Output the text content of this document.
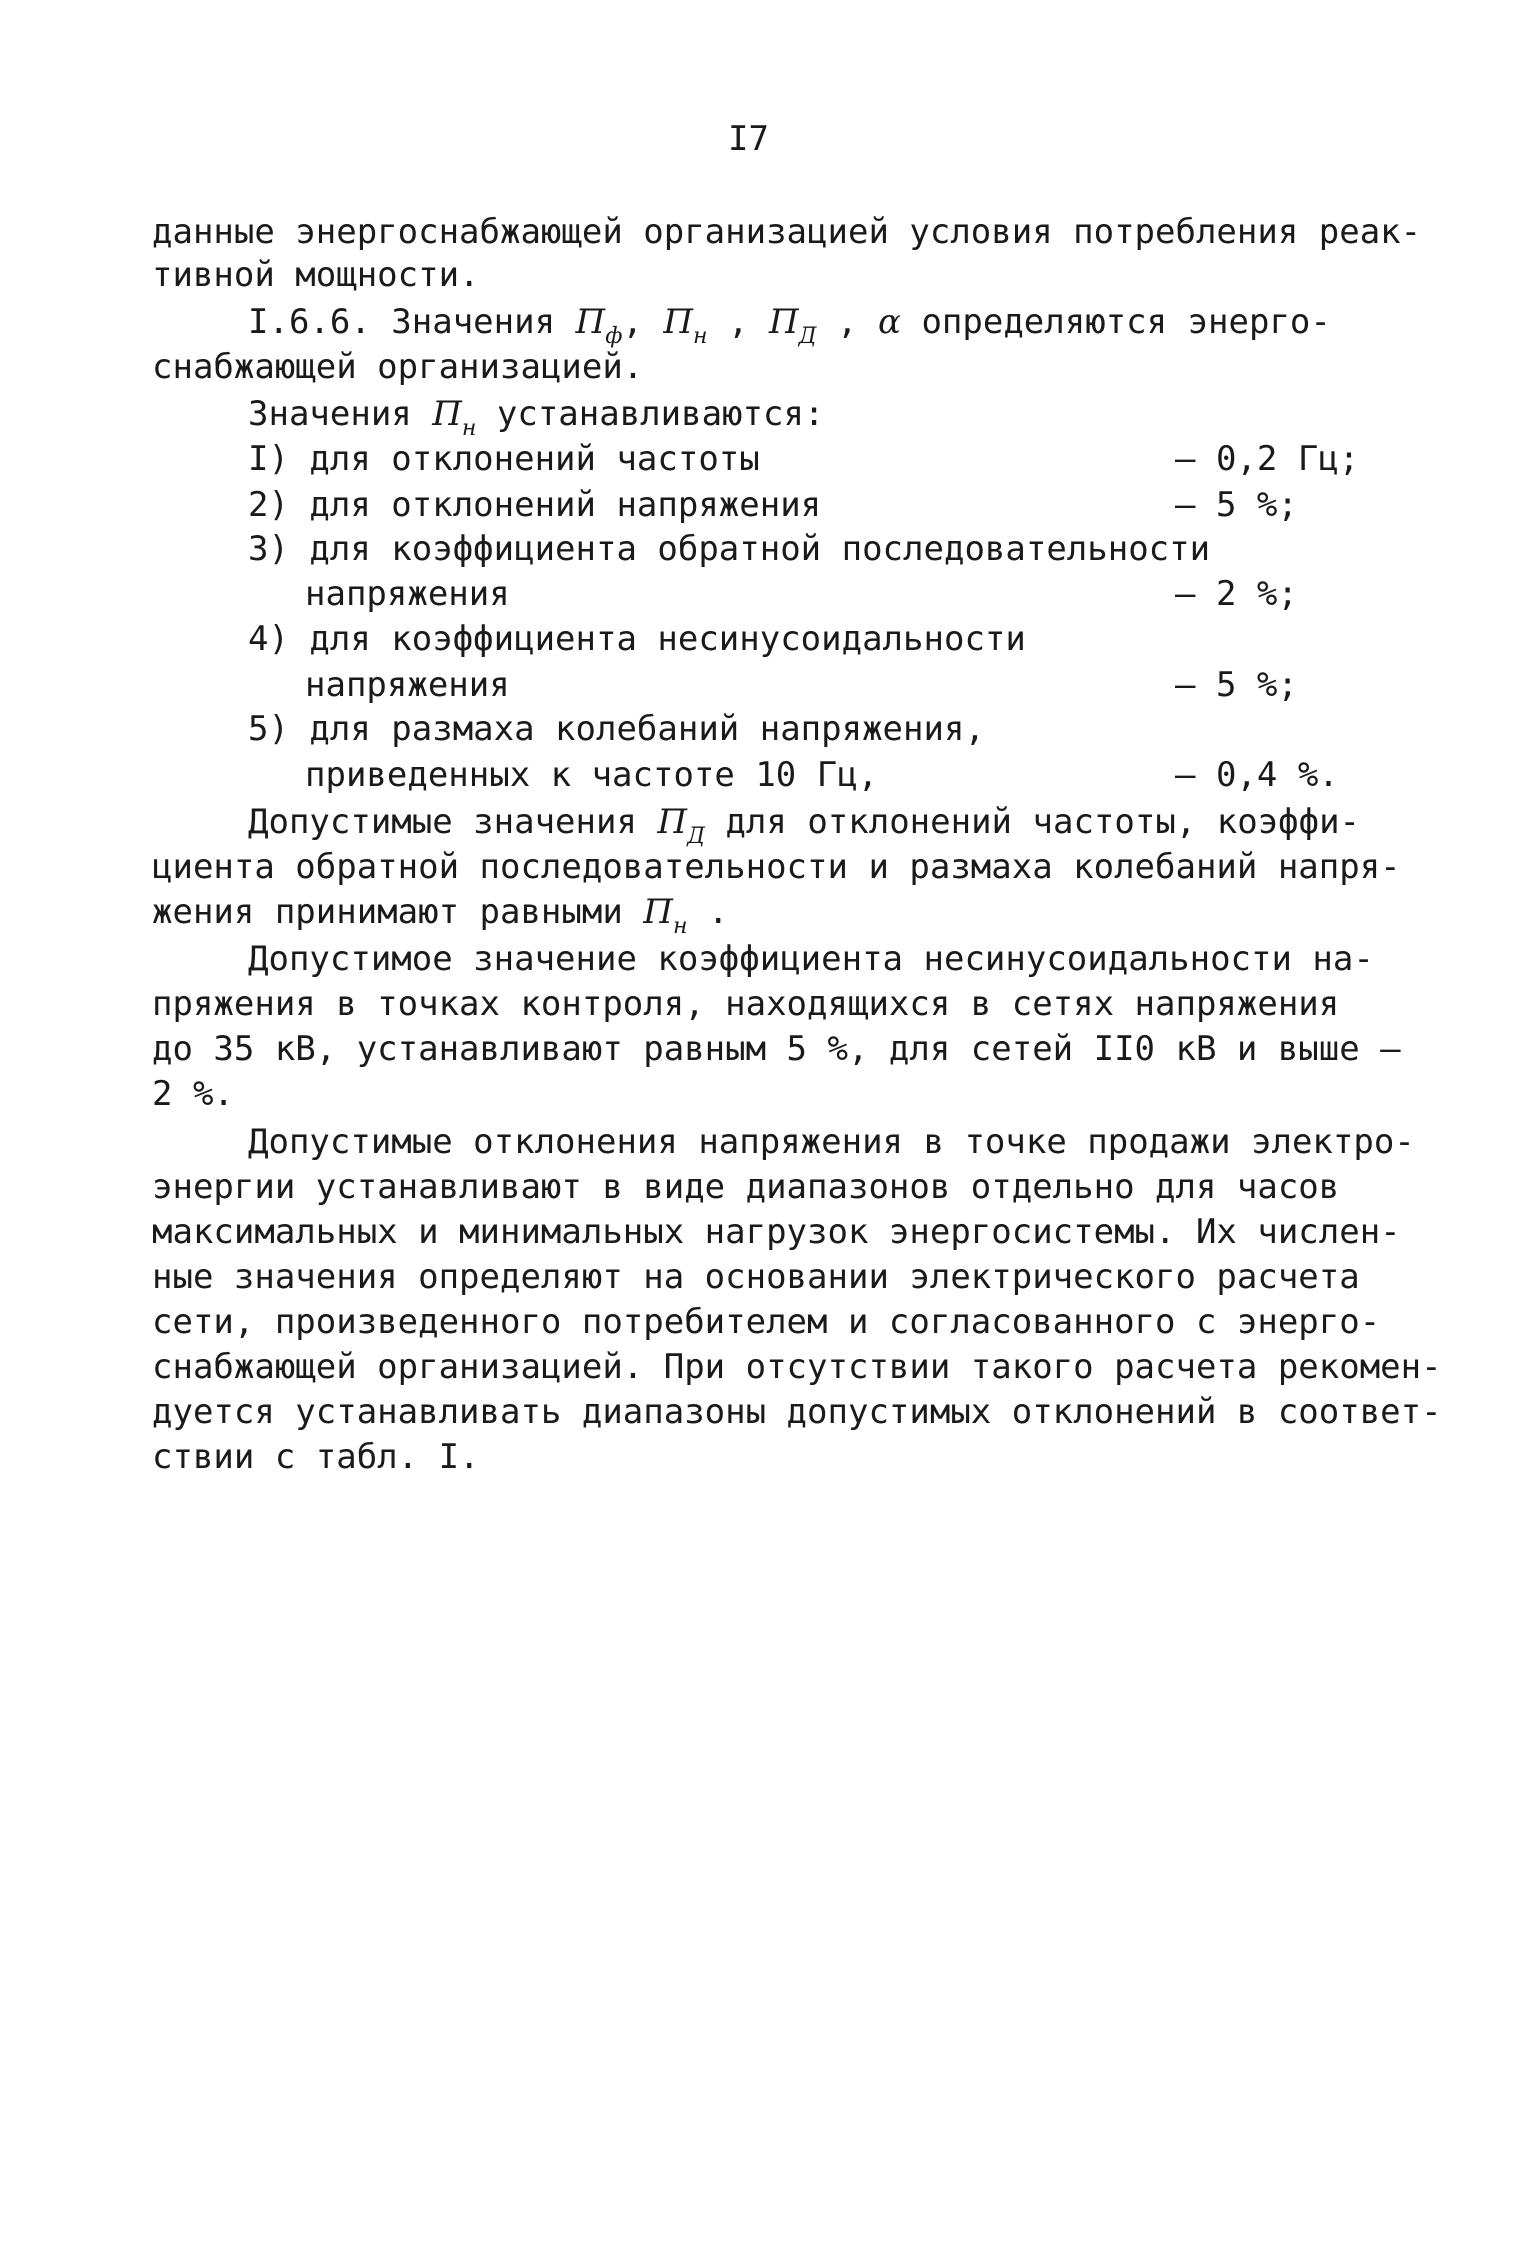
I7
данные энергоснабжающей организацией условия потребления реак-
тивной мощности.
I.6.6. Значения $П_ф$, $П_н$ , $П_Д$ , α определяются энерго-
снабжающей организацией.
Значения $П_н$ устанавливаются:
I) для отклонений частоты	– 0,2 Гц;
2) для отклонений напряжения	– 5 %;
3) для коэффициента обратной последовательности
напряжения	– 2 %;
4) для коэффициента несинусоидальности
напряжения	– 5 %;
5) для размаха колебаний напряжения,
приведенных к частоте 10 Гц,	– 0,4 %.
Допустимые значения $П_Д$ для отклонений частоты, коэффи-
циента обратной последовательности и размаха колебаний напря-
жения принимают равными $П_н$ .
Допустимое значение коэффициента несинусоидальности на-
пряжения в точках контроля, находящихся в сетях напряжения
до 35 кВ, устанавливают равным 5 %, для сетей II0 кВ и выше –
2 %.
Допустимые отклонения напряжения в точке продажи электро-
энергии устанавливают в виде диапазонов отдельно для часов
максимальных и минимальных нагрузок энергосистемы. Их числен-
ные значения определяют на основании электрического расчета
сети, произведенного потребителем и согласованного с энерго-
снабжающей организацией. При отсутствии такого расчета рекомен-
дуется устанавливать диапазоны допустимых отклонений в соответ-
ствии с табл. I.
